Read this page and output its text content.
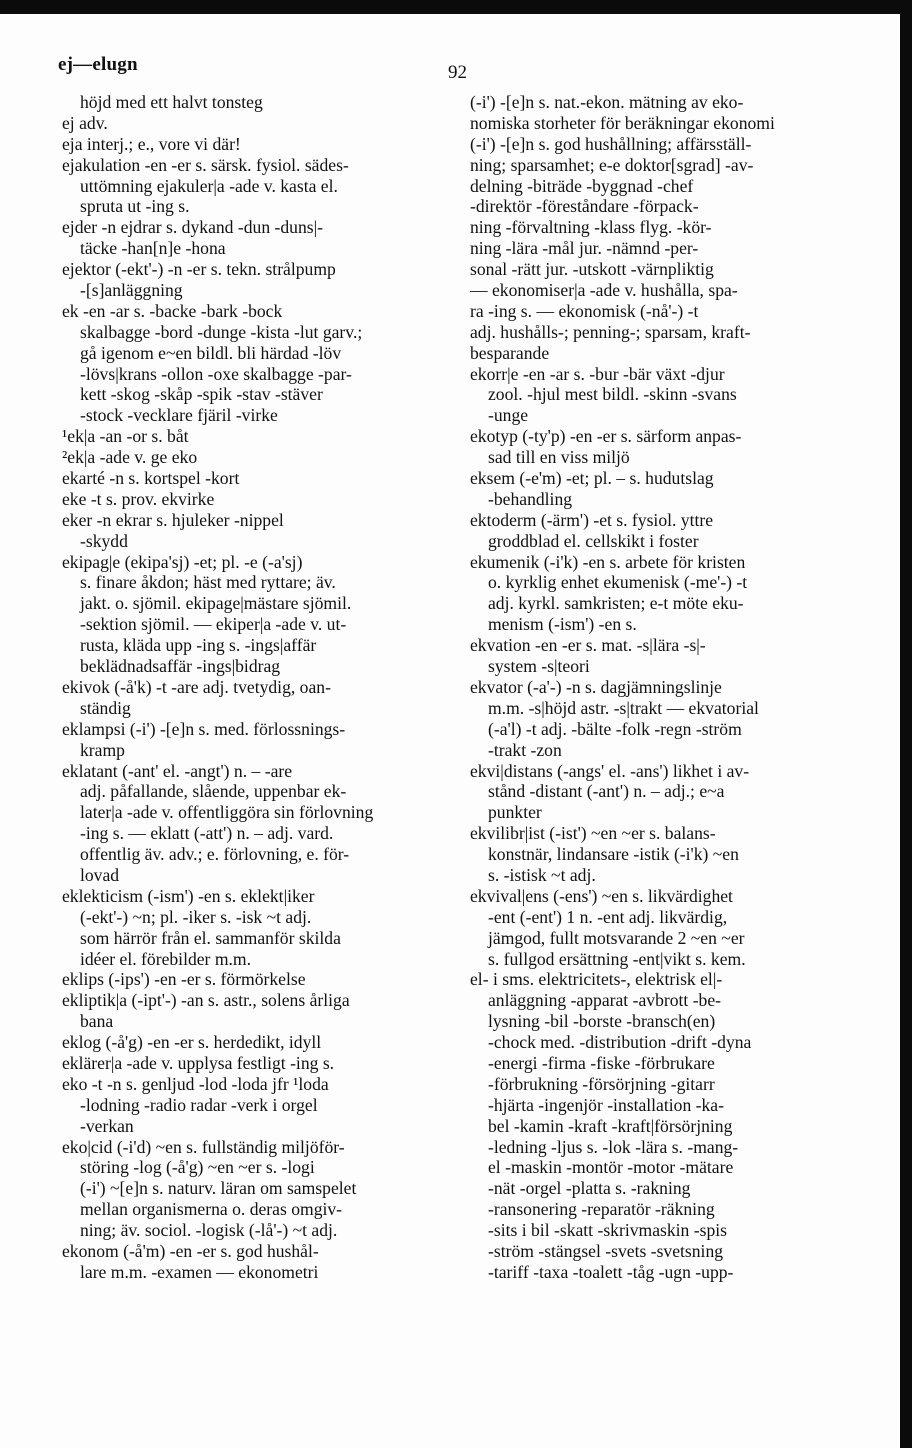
ej—elugn	92
höjd med ett halvt tonsteg
ej adv.
eja interj.; e., vore vi där!
ejakulation -en -er s. särsk. fysiol. sädes-
uttömning ejakuler|a -ade v. kasta el.
spruta ut -ing s.
ejder -n ejdrar s. dykand -dun -duns|-
täcke -han[n]e -hona
ejektor (-ekt'-) -n -er s. tekn. strålpump
-[s]anläggning
ek -en -ar s. -backe -bark -bock
skalbagge -bord -dunge -kista -lut garv.;
gå igenom e~en bildl. bli härdad -löv
-lövs|krans -ollon -oxe skalbagge -par-
kett -skog -skåp -spik -stav -stäver
-stock -vecklare fjäril -virke
¹ek|a -an -or s. båt
²ek|a -ade v. ge eko
ekarté -n s. kortspel -kort
eke -t s. prov. ekvirke
eker -n ekrar s. hjuleker -nippel
-skydd
ekipag|e (ekipa'sj) -et; pl. -e (-a'sj)
s. finare åkdon; häst med ryttare; äv.
jakt. o. sjömil. ekipage|mästare sjömil.
-sektion sjömil. — ekiper|a -ade v. ut-
rusta, kläda upp -ing s. -ings|affär
beklädnadsaffär -ings|bidrag
ekivok (-å'k) -t -are adj. tvetydig, oan-
ständig
eklampsi (-i') -[e]n s. med. förlossnings-
kramp
eklatant (-ant' el. -angt') n. – -are
adj. påfallande, slående, uppenbar ek-
later|a -ade v. offentliggöra sin förlovning
-ing s. — eklatt (-att') n. – adj. vard.
offentlig äv. adv.; e. förlovning, e. för-
lovad
eklekticism (-ism') -en s. eklekt|iker
(-ekt'-) ~n; pl. -iker s. -isk ~t adj.
som härrör från el. sammanför skilda
idéer el. förebilder m.m.
eklips (-ips') -en -er s. förmörkelse
ekliptik|a (-ipt'-) -an s. astr., solens årliga
bana
eklog (-å'g) -en -er s. herdedikt, idyll
eklärer|a -ade v. upplysa festligt -ing s.
eko -t -n s. genljud -lod -loda jfr ¹loda
-lodning -radio radar -verk i orgel
-verkan
eko|cid (-i'd) ~en s. fullständig miljöför-
störing -log (-å'g) ~en ~er s. -logi
(-i') ~[e]n s. naturv. läran om samspelet
mellan organismerna o. deras omgiv-
ning; äv. sociol. -logisk (-lå'-) ~t adj.
ekonom (-å'm) -en -er s. god hushål-
lare m.m. -examen — ekonometri
(-i') -[e]n s. nat.-ekon. mätning av eko-
nomiska storheter för beräkningar ekonomi
(-i') -[e]n s. god hushållning; affärsställ-
ning; sparsamhet; e-e doktor[sgrad] -av-
delning -biträde -byggnad -chef
-direktör -föreståndare -förpack-
ning -förvaltning -klass flyg. -kör-
ning -lära -mål jur. -nämnd -per-
sonal -rätt jur. -utskott -värnpliktig
— ekonomiser|a -ade v. hushålla, spa-
ra -ing s. — ekonomisk (-nå'-) -t
adj. hushålls-; penning-; sparsam, kraft-
besparande
ekorr|e -en -ar s. -bur -bär växt -djur
zool. -hjul mest bildl. -skinn -svans
-unge
ekotyp (-ty'p) -en -er s. särform anpas-
sad till en viss miljö
eksem (-e'm) -et; pl. – s. hudutslag
-behandling
ektoderm (-ärm') -et s. fysiol. yttre
groddblad el. cellskikt i foster
ekumenik (-i'k) -en s. arbete för kristen
o. kyrklig enhet ekumenisk (-me'-) -t
adj. kyrkl. samkristen; e-t möte eku-
menism (-ism') -en s.
ekvation -en -er s. mat. -s|lära -s|-
system -s|teori
ekvator (-a'-) -n s. dagjämningslinje
m.m. -s|höjd astr. -s|trakt — ekvatorial
(-a'l) -t adj. -bälte -folk -regn -ström
-trakt -zon
ekvi|distans (-angs' el. -ans') likhet i av-
stånd -distant (-ant') n. – adj.; e~a
punkter
ekvilibr|ist (-ist') ~en ~er s. balans-
konstnär, lindansare -istik (-i'k) ~en
s. -istisk ~t adj.
ekvival|ens (-ens') ~en s. likvärdighet
-ent (-ent') 1 n. -ent adj. likvärdig,
jämgod, fullt motsvarande 2 ~en ~er
s. fullgod ersättning -ent|vikt s. kem.
el- i sms. elektricitets-, elektrisk el|-
anläggning -apparat -avbrott -be-
lysning -bil -borste -bransch(en)
-chock med. -distribution -drift -dyna
-energi -firma -fiske -förbrukare
-förbrukning -försörjning -gitarr
-hjärta -ingenjör -installation -ka-
bel -kamin -kraft -kraft|försörjning
-ledning -ljus s. -lok -lära s. -mang-
el -maskin -montör -motor -mätare
-nät -orgel -platta s. -rakning
-ransonering -reparatör -räkning
-sits i bil -skatt -skrivmaskin -spis
-ström -stängsel -svets -svetsning
-tariff -taxa -toalett -tåg -ugn -upp-
